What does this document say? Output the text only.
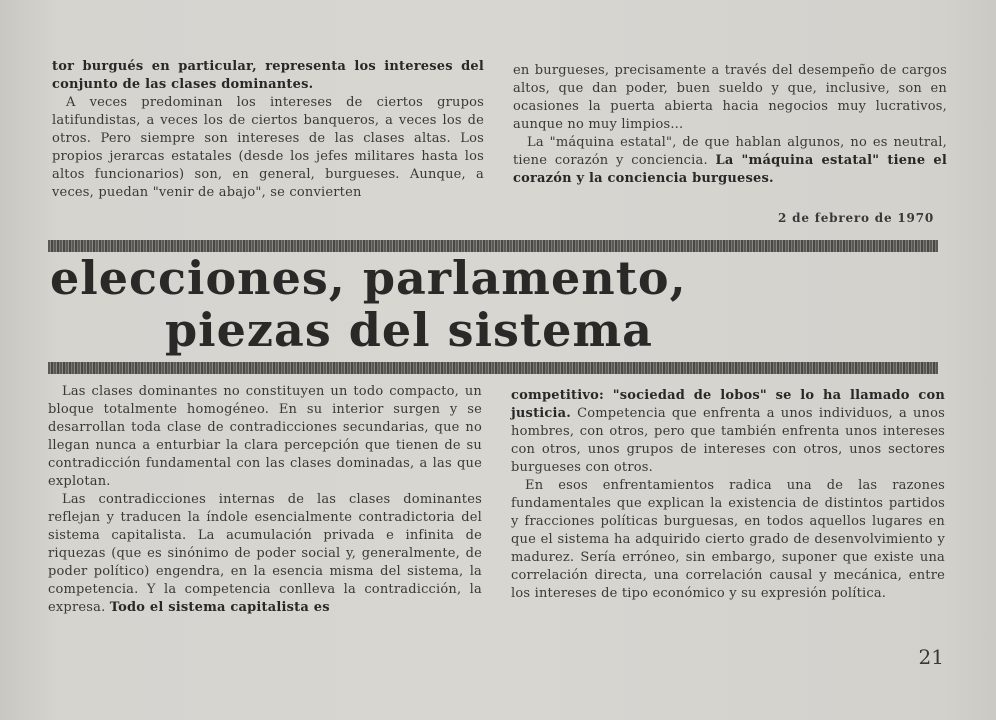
tor burgués en particular, representa los intereses del conjunto de las clases dominantes.

A veces predominan los intereses de ciertos grupos latifundistas, a veces los de ciertos banqueros, a veces los de otros. Pero siempre son intereses de las clases altas. Los propios jerarcas estatales (desde los jefes militares hasta los altos funcionarios) son, en general, burgueses. Aunque, a veces, puedan "venir de abajo", se convierten

en burgueses, precisamente a través del desempeño de cargos altos, que dan poder, buen sueldo y que, inclusive, son en ocasiones la puerta abierta hacia negocios muy lucrativos, aunque no muy limpios...

La "máquina estatal", de que hablan algunos, no es neutral, tiene corazón y conciencia. La "máquina estatal" tiene el corazón y la conciencia burgueses.

2 de febrero de 1970
elecciones, parlamento,
piezas del sistema

Las clases dominantes no constituyen un todo compacto, un bloque totalmente homogéneo. En su interior surgen y se desarrollan toda clase de contradicciones secundarias, que no llegan nunca a enturbiar la clara percepción que tienen de su contradicción fundamental con las clases dominadas, a las que explotan.

Las contradicciones internas de las clases dominantes reflejan y traducen la índole esencialmente contradictoria del sistema capitalista. La acumulación privada e infinita de riquezas (que es sinónimo de poder social y, generalmente, de poder político) engendra, en la esencia misma del sistema, la competencia. Y la competencia conlleva la contradicción, la expresa. Todo el sistema capitalista es

competitivo: "sociedad de lobos" se lo ha llamado con justicia. Competencia que enfrenta a unos individuos, a unos hombres, con otros, pero que también enfrenta unos intereses con otros, unos grupos de intereses con otros, unos sectores burgueses con otros.

En esos enfrentamientos radica una de las razones fundamentales que explican la existencia de distintos partidos y fracciones políticas burguesas, en todos aquellos lugares en que el sistema ha adquirido cierto grado de desenvolvimiento y madurez. Sería erróneo, sin embargo, suponer que existe una correlación directa, una correlación causal y mecánica, entre los intereses de tipo económico y su expresión política.

21
